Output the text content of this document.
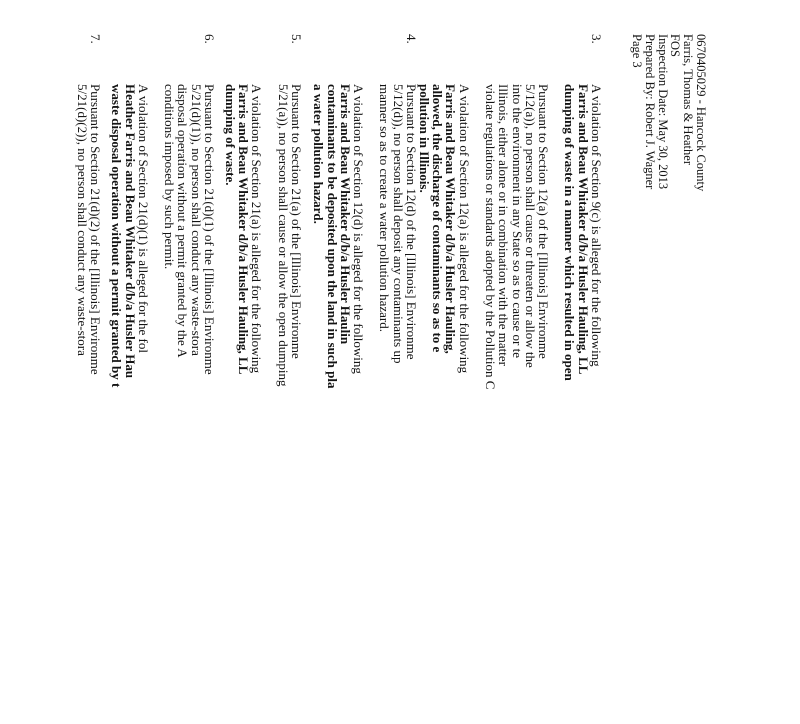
0670405029 - Hancock County
Farris, Thomas & Heather
FOS
Inspection Date: May 30, 2013
Prepared By: Robert J. Wagner
Page 3
3.
A violation of Section 9(c) is alleged for the following
Farris and Beau Whitaker d/b/a Husler Hauling, LL
dumping of waste in a manner which resulted in open
Pursuant to Section 12(a) of the [Illinois] Environme
5/12(a)), no person shall cause or threaten or allow the
into the environment in any State so as to cause or te
Illinois, either alone or in combination with the matter
violate regulations or standards adopted by the Pollution C
A violation of Section 12(a) is alleged for the following
Farris and Beau Whitaker d/b/a Husler Hauling,
allowed, the discharge of contaminants so as to e
pollution in Illinois.
4.
Pursuant to Section 12(d) of the [Illinois] Environme
5/12(d)), no person shall deposit any contaminants up
manner so as to create a water pollution hazard.
A violation of Section 12(d) is alleged for the following
Farris and Beau Whitaker d/b/a Husler Haulin
contaminants to be deposited upon the land in such pla
a water pollution hazard.
5.
Pursuant to Section 21(a) of the [Illinois] Environme
5/21(a)), no person shall cause or allow the open dumping
A violation of Section 21(a) is alleged for the following
Farris and Beau Whitaker d/b/a Husler Hauling, LL
dumping of waste.
6.
Pursuant to Section 21(d)(1) of the [Illinois] Environme
5/21(d)(1)), no person shall conduct any waste-stora
disposal operation without a permit granted by the A
conditions imposed by such permit.
A violation of Section 21(d)(1) is alleged for the fol
Heather Farris and Beau Whitaker d/b/a Husler Hau
waste disposal operation without a permit granted by t
7.
Pursuant to Section 21(d)(2) of the [Illinois] Environme
5/21(d)(2)), no person shall conduct any waste-stora
